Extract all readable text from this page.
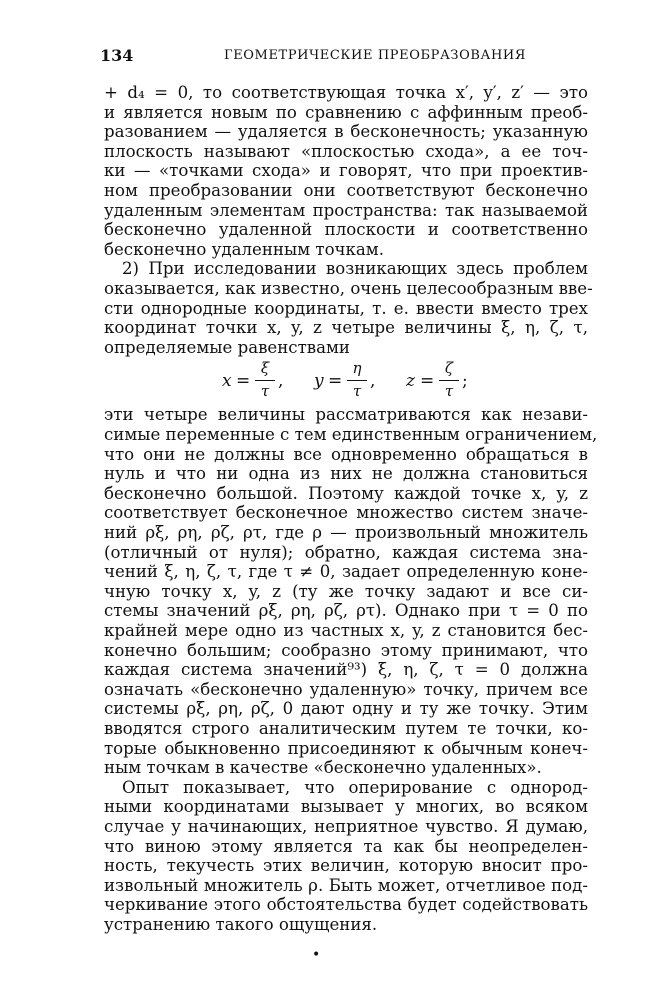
134	ГЕОМЕТРИЧЕСКИЕ ПРЕОБРАЗОВАНИЯ
+ d₄ = 0, то соответствующая точка x′, y′, z′ — это
и является новым по сравнению с аффинным преоб-
разованием — удаляется в бесконечность; указанную
плоскость называют «плоскостью схода», а ее точ-
ки — «точками схода» и говорят, что при проектив-
ном преобразовании они соответствуют бесконечно
удаленным элементам пространства: так называемой
бесконечно удаленной плоскости и соответственно
бесконечно удаленным точкам.
2) При исследовании возникающих здесь проблем
оказывается, как известно, очень целесообразным вве-
сти однородные координаты, т. е. ввести вместо трех
координат точки x, y, z четыре величины ξ, η, ζ, τ,
определяемые равенствами
x =
ξ
τ , y =
η
τ , z =
ζ
τ ;
эти четыре величины рассматриваются как незави-
симые переменные с тем единственным ограничением,
что они не должны все одновременно обращаться в
нуль и что ни одна из них не должна становиться
бесконечно большой. Поэтому каждой точке x, y, z
соответствует бесконечное множество систем значе-
ний ρξ, ρη, ρζ, ρτ, где ρ — произвольный множитель
(отличный от нуля); обратно, каждая система зна-
чений ξ, η, ζ, τ, где τ ≠ 0, задает определенную коне-
чную точку x, y, z (ту же точку задают и все си-
стемы значений ρξ, ρη, ρζ, ρτ). Однако при τ = 0 по
крайней мере одно из частных x, y, z становится бес-
конечно большим; сообразно этому принимают, что
каждая система значений⁹³) ξ, η, ζ, τ = 0 должна
означать «бесконечно удаленную» точку, причем все
системы ρξ, ρη, ρζ, 0 дают одну и ту же точку. Этим
вводятся строго аналитическим путем те точки, ко-
торые обыкновенно присоединяют к обычным конеч-
ным точкам в качестве «бесконечно удаленных».
Опыт показывает, что оперирование с однород-
ными координатами вызывает у многих, во всяком
случае у начинающих, неприятное чувство. Я думаю,
что виною этому является та как бы неопределен-
ность, текучесть этих величин, которую вносит про-
извольный множитель ρ. Быть может, отчетливое под-
черкивание этого обстоятельства будет содействовать
устранению такого ощущения.
•
